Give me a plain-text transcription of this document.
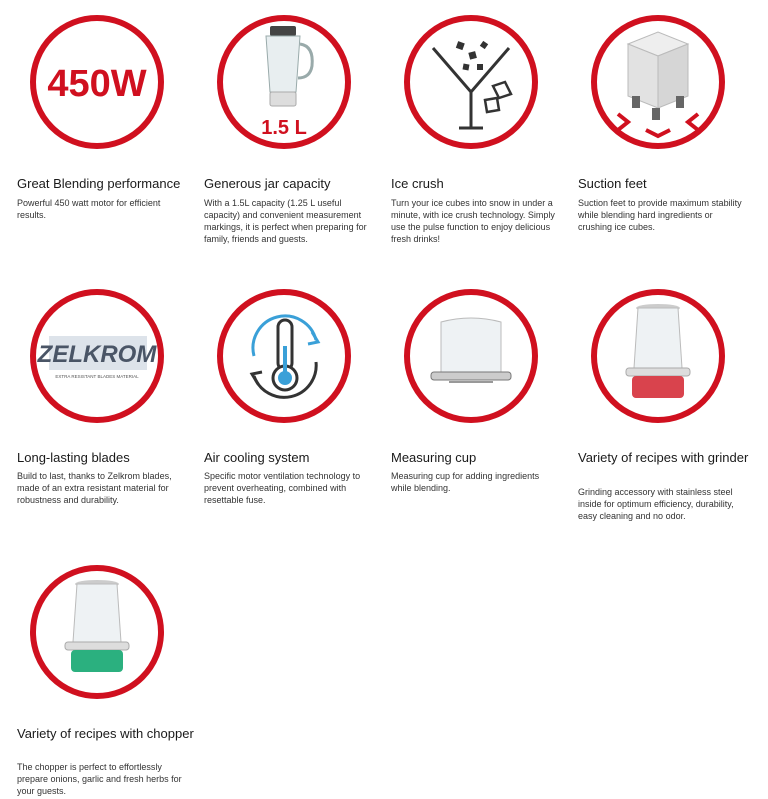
450W
Great Blending performance
Powerful 450 watt motor for efficient results.
1.5 L
Generous jar capacity
With a 1.5L capacity (1.25 L useful capacity) and convenient measurement markings, it is perfect when preparing for family, friends and guests.
Ice crush
Turn your ice cubes into snow in under a minute, with ice crush technology. Simply use the pulse function to enjoy delicious fresh drinks!
Suction feet
Suction feet to provide maximum stability while blending hard ingredients or crushing ice cubes.
ZELKROM
EXTRA RESISTANT BLADES MATERIAL
Long-lasting blades
Build to last, thanks to Zelkrom blades, made of an extra resistant material for robustness and durability.
Air cooling system
Specific motor ventilation technology to prevent overheating, combined with resettable fuse.
Measuring cup
Measuring cup for adding ingredients while blending.
Variety of recipes with grinder
Grinding accessory with stainless steel inside for optimum efficiency, durability, easy cleaning and no odor.
Variety of recipes with chopper
The chopper is perfect to effortlessly prepare onions, garlic and fresh herbs for your guests.
